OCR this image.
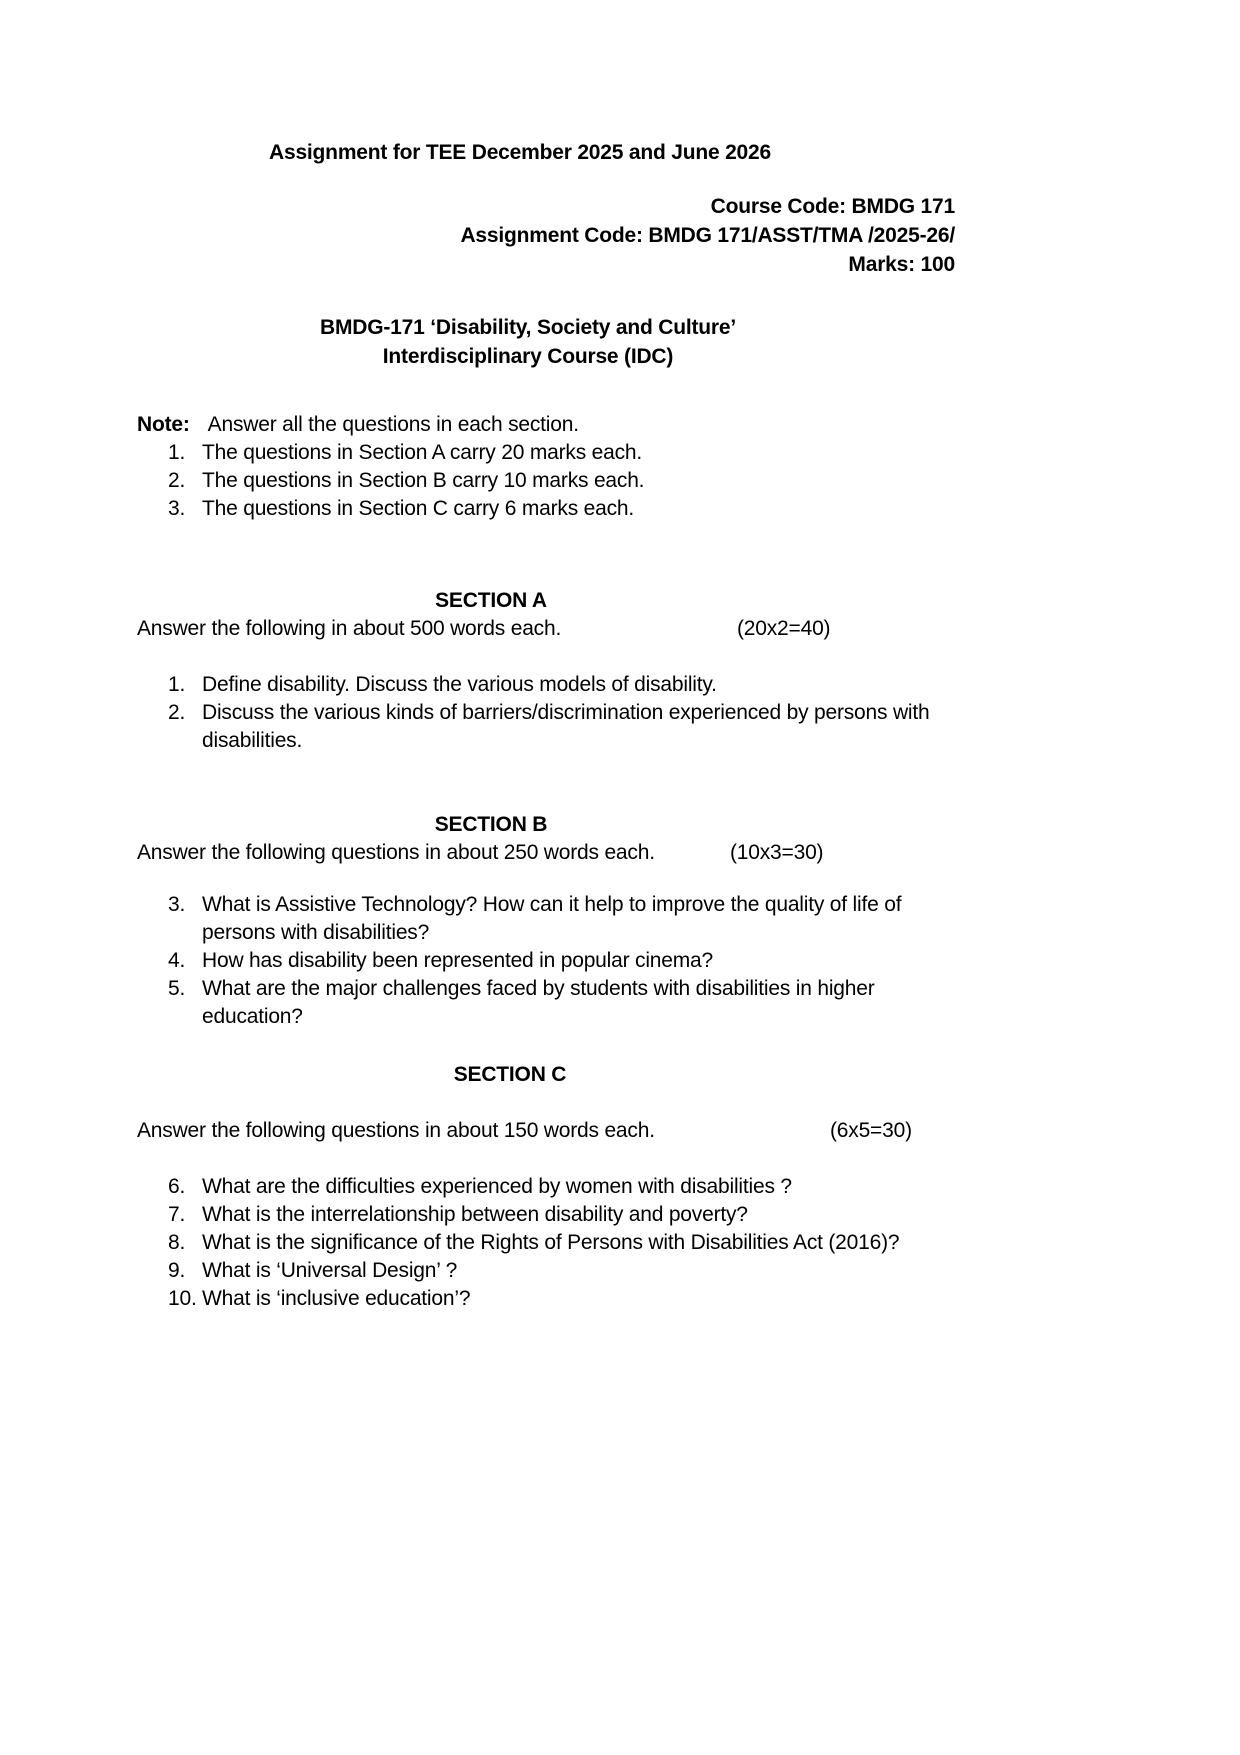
Assignment for TEE December 2025 and June 2026
Course Code: BMDG 171
Assignment Code: BMDG 171/ASST/TMA /2025-26/
Marks: 100
BMDG-171 ‘Disability, Society and Culture’
Interdisciplinary Course (IDC)
Note: Answer all the questions in each section.
1. The questions in Section A carry 20 marks each.
2. The questions in Section B carry 10 marks each.
3. The questions in Section C carry 6 marks each.
SECTION A
Answer the following in about 500 words each.	(20x2=40)
1. Define disability. Discuss the various models of disability.
2. Discuss the various kinds of barriers/discrimination experienced by persons with disabilities.
SECTION B
Answer the following questions in about 250 words each.	(10x3=30)
3. What is Assistive Technology? How can it help to improve the quality of life of persons with disabilities?
4. How has disability been represented in popular cinema?
5. What are the major challenges faced by students with disabilities in higher education?
SECTION C
Answer the following questions in about 150 words each.	(6x5=30)
6. What are the difficulties experienced by women with disabilities ?
7. What is the interrelationship between disability and poverty?
8. What is the significance of the Rights of Persons with Disabilities Act (2016)?
9. What is ‘Universal Design’ ?
10. What is ‘inclusive education’?
